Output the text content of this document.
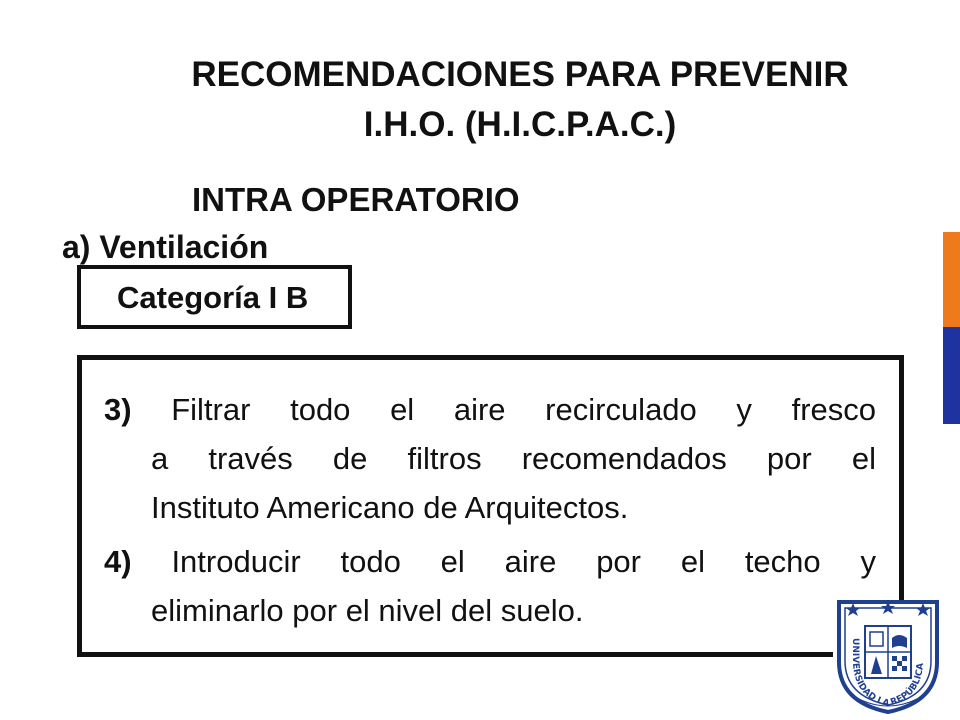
RECOMENDACIONES PARA PREVENIR
I.H.O. (H.I.C.P.A.C.)
INTRA OPERATORIO
a) Ventilación
Categoría I B
3) Filtrar todo el aire recirculado y fresco
a través de filtros recomendados por el
Instituto Americano de Arquitectos.
4) Introducir todo el aire por el techo y
eliminarlo por el nivel del suelo.
UNIVERSIDAD LA REPÚBLICA
